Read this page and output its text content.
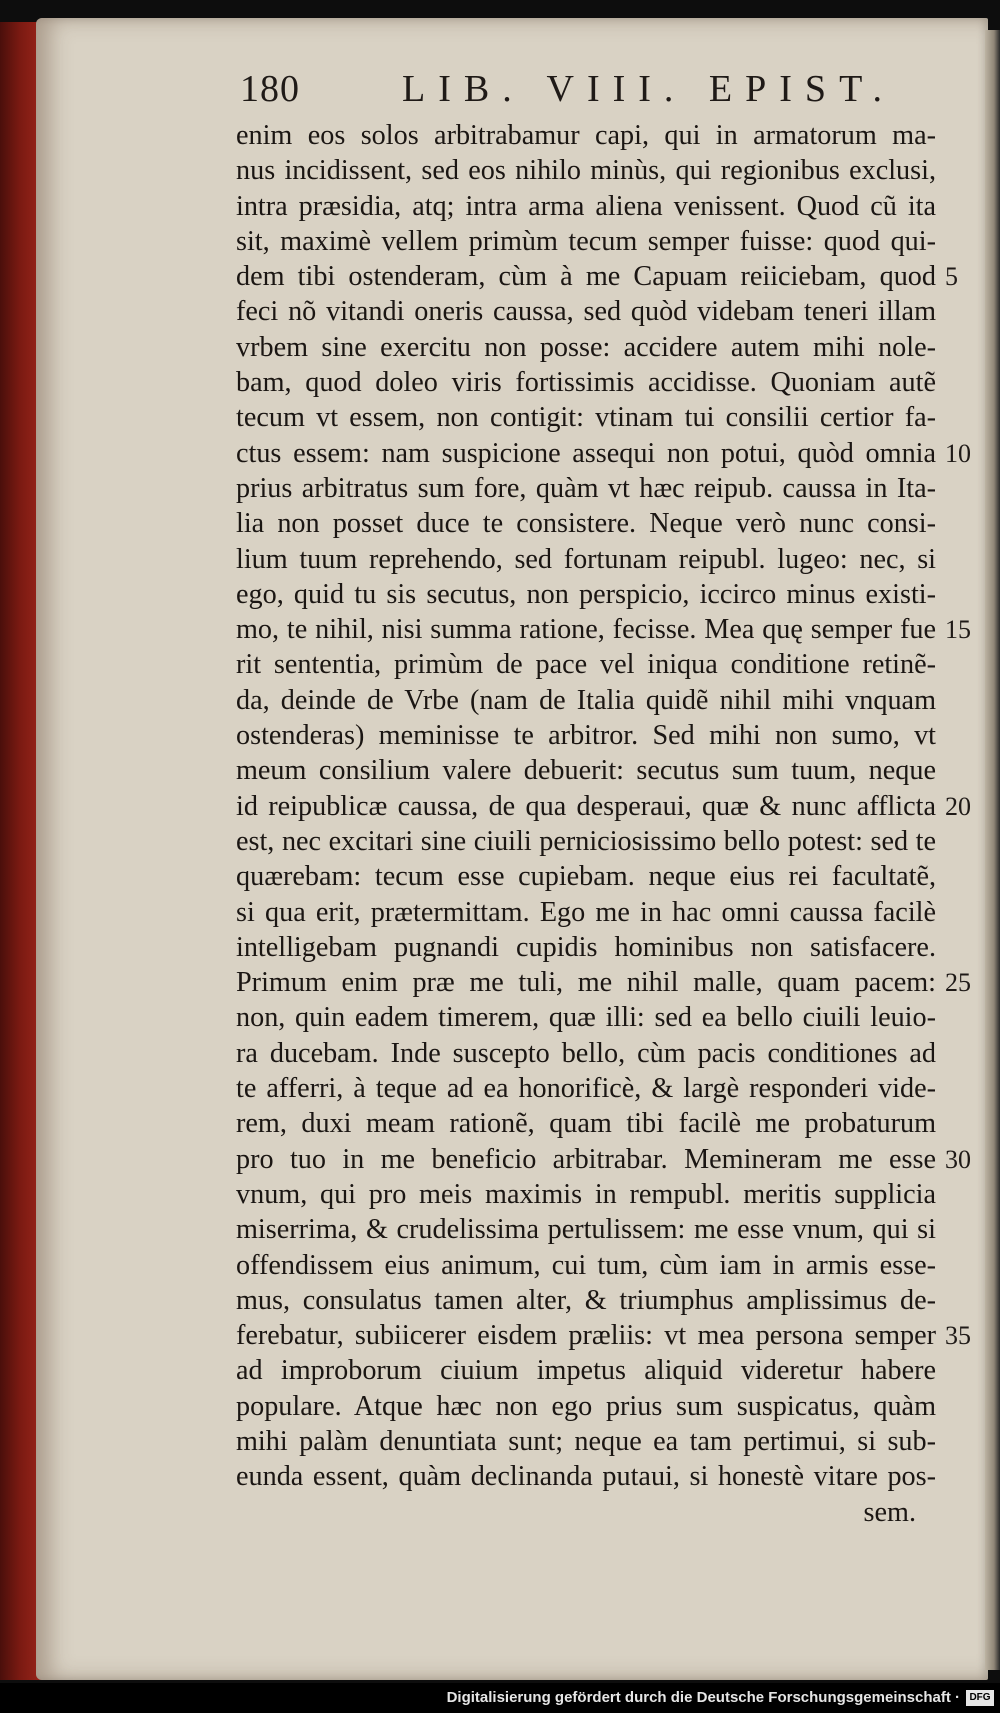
180	LIB. VIII. EPIST.
enim eos solos arbitrabamur capi, qui in armatorum ma-
nus incidissent, sed eos nihilo minùs, qui regionibus exclusi,
intra præsidia, atq; intra arma aliena venissent. Quod cũ ita
sit, maximè vellem primùm tecum semper fuisse: quod qui-
dem tibi ostenderam, cùm à me Capuam reiiciebam, quod
feci nõ vitandi oneris caussa, sed quòd videbam teneri illam
vrbem sine exercitu non posse: accidere autem mihi nole-
bam, quod doleo viris fortissimis accidisse. Quoniam autẽ
tecum vt essem, non contigit: vtinam tui consilii certior fa-
ctus essem: nam suspicione assequi non potui, quòd omnia
prius arbitratus sum fore, quàm vt hæc reipub. caussa in Ita-
lia non posset duce te consistere. Neque verò nunc consi-
lium tuum reprehendo, sed fortunam reipubl. lugeo: nec, si
ego, quid tu sis secutus, non perspicio, iccirco minus existi-
mo, te nihil, nisi summa ratione, fecisse. Mea quę semper fue
rit sententia, primùm de pace vel iniqua conditione retinẽ-
da, deinde de Vrbe (nam de Italia quidẽ nihil mihi vnquam
ostenderas) meminisse te arbitror. Sed mihi non sumo, vt
meum consilium valere debuerit: secutus sum tuum, neque
id reipublicæ caussa, de qua desperaui, quæ & nunc afflicta
est, nec excitari sine ciuili perniciosissimo bello potest: sed te
quærebam: tecum esse cupiebam. neque eius rei facultatẽ,
si qua erit, prætermittam. Ego me in hac omni caussa facilè
intelligebam pugnandi cupidis hominibus non satisfacere.
Primum enim præ me tuli, me nihil malle, quam pacem:
non, quin eadem timerem, quæ illi: sed ea bello ciuili leuio-
ra ducebam. Inde suscepto bello, cùm pacis conditiones ad
te afferri, à teque ad ea honorificè, & largè responderi vide-
rem, duxi meam rationẽ, quam tibi facilè me probaturum
pro tuo in me beneficio arbitrabar. Memineram me esse
vnum, qui pro meis maximis in rempubl. meritis supplicia
miserrima, & crudelissima pertulissem: me esse vnum, qui si
offendissem eius animum, cui tum, cùm iam in armis esse-
mus, consulatus tamen alter, & triumphus amplissimus de-
ferebatur, subiicerer eisdem præliis: vt mea persona semper
ad improborum ciuium impetus aliquid videretur habere
populare. Atque hæc non ego prius sum suspicatus, quàm
mihi palàm denuntiata sunt; neque ea tam pertimui, si sub-
eunda essent, quàm declinanda putaui, si honestè vitare pos-
sem.
Digitalisierung gefördert durch die Deutsche Forschungsgemeinschaft · DFG
5
10
15
20
25
30
35
